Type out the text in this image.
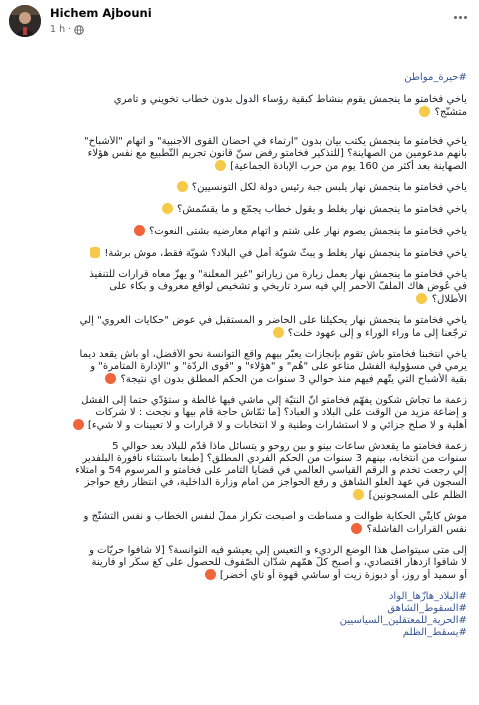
Hichem Ajbouni
1 h ·
#حيرة_مواطن
ياخي فخامتو ما ينجمش يقوم بنشاط كبقية رؤساء الدول بدون خطاب تخويني و تآمري
متشنّج؟
ياخي فخامتو ما ينجمش يكتب بيان بدون "ارتماء في أحضان القوى الأجنبية" و اتهام "الأشباح"
بأنهم مدعومين من الصهاينة؟ [للتذكير فخامتو رفض سنّ قانون تجريم التّطبيع مع نفس هؤلاء
الصهاينة بعد أكثر من 160 يوم من حرب الإبادة الجماعية]
ياخي فخامتو ما ينجمش نهار يلبس جبة رئيس دولة لكل التونسيين؟
ياخي فخامتو ما ينجمش نهار يغلط و يقول خطاب يجمّع و ما يقسّمش؟
ياخي فخامتو ما ينجمش يصوم نهار على شتم و اتهام معارضيه بشتى النعوت؟
ياخي فخامتو ما ينجمش نهار يغلط و يبثّ شويّة أمل في البلاد؟ شويّة فقط، موش برشة!
ياخي فخامتو ما ينجمش نهار يعمل زيارة من زياراتو "غير المعلنة" و يهزّ معاه قرارات للتنفيذ
في عُوض هاك الملفّ الأحمر إلّي فيه سرد تاريخي و تشخيص لواقع معروف و بكاء على
الأطلال؟
ياخي فخامتو ما ينجمش نهار يحكيلنا على الحاضر و المستقبل في عوض "حكايات العروي" إلّي
ترجّعنا إلى ما وراء الوراء و إلى عهود خلت؟
ياخي انتخبنا فخامتو باش تقوم بإنجازات يعبّر بيهم واقع التوانسة نحو الأفضل، أو باش يقعد ديما
يرمي في مسؤولية الفشل متاعو على "هُم" و "هؤلاء" و "قوى الردّة" و "الإدارة المتآمرة" و
بقية الأشباح التي يتّهم فيهم منذ حوالي 3 سنوات من الحكم المطلق بدون اي نتيجة؟
زعمة ما تجاش شكون يفهّم فخامتو أنّ النتيّة إلّي ماشي فيها غالطة و ستؤدّي حتما إلى الفشل
و إضاعة مزيد من الوقت على البلاد و العباد؟ [ما ثمّاش حاجة قام بيها و نجحت : لا شركات
أهلية و لا صلح جزائي و لا استشارات وطنية و لا انتخابات و لا قرارات و لا تعيينات و لا شيء]
زعمة فخامتو ما يقعدش ساعات بينو و بين روحو و يتسائل ماذا قدّم للبلاد بعد حوالي 5
سنوات من انتخابه، بينهم 3 سنوات من الحكم الفردي المطلق؟ [طبعا باستثناء نافورة البلفدير
إلي رجعت تخدم و الرقم القياسي العالمي في قضايا التآمر على فخامتو و المرسوم 54 و امتلاء
السجون في عهد العلو الشاهق و رفع الحواجز من أمام وزارة الداخلية، في انتظار رفع حواجز
الظلم على المسجونين]
موش كايتّي الحكاية طوالت و مساطت و أصبحت تكرار مملّ لنفس الخطاب و نفس التشنّج و
نفس القرارات الفاشلة؟
إلى متى سيتواصل هذا الوضع الرديء و التعيس إلّي يعيشو فيه التوانسة؟ [لا شافوا حريّات و
لا شافوا ازدهار اقتصادي، و أصبح كلّ همّهم شدّان الصّفوف للحصول على كغ سكّر أو فارينة
أو سميد أو روز، أو دبوزة زيت أو ساشي قهوة أو تاي أخضر]
#البلاد_هازّها_الواد
#السقوط_الشاهق
#الحرية_للمعتقلين_السياسيين
#يسقط_الظلم
